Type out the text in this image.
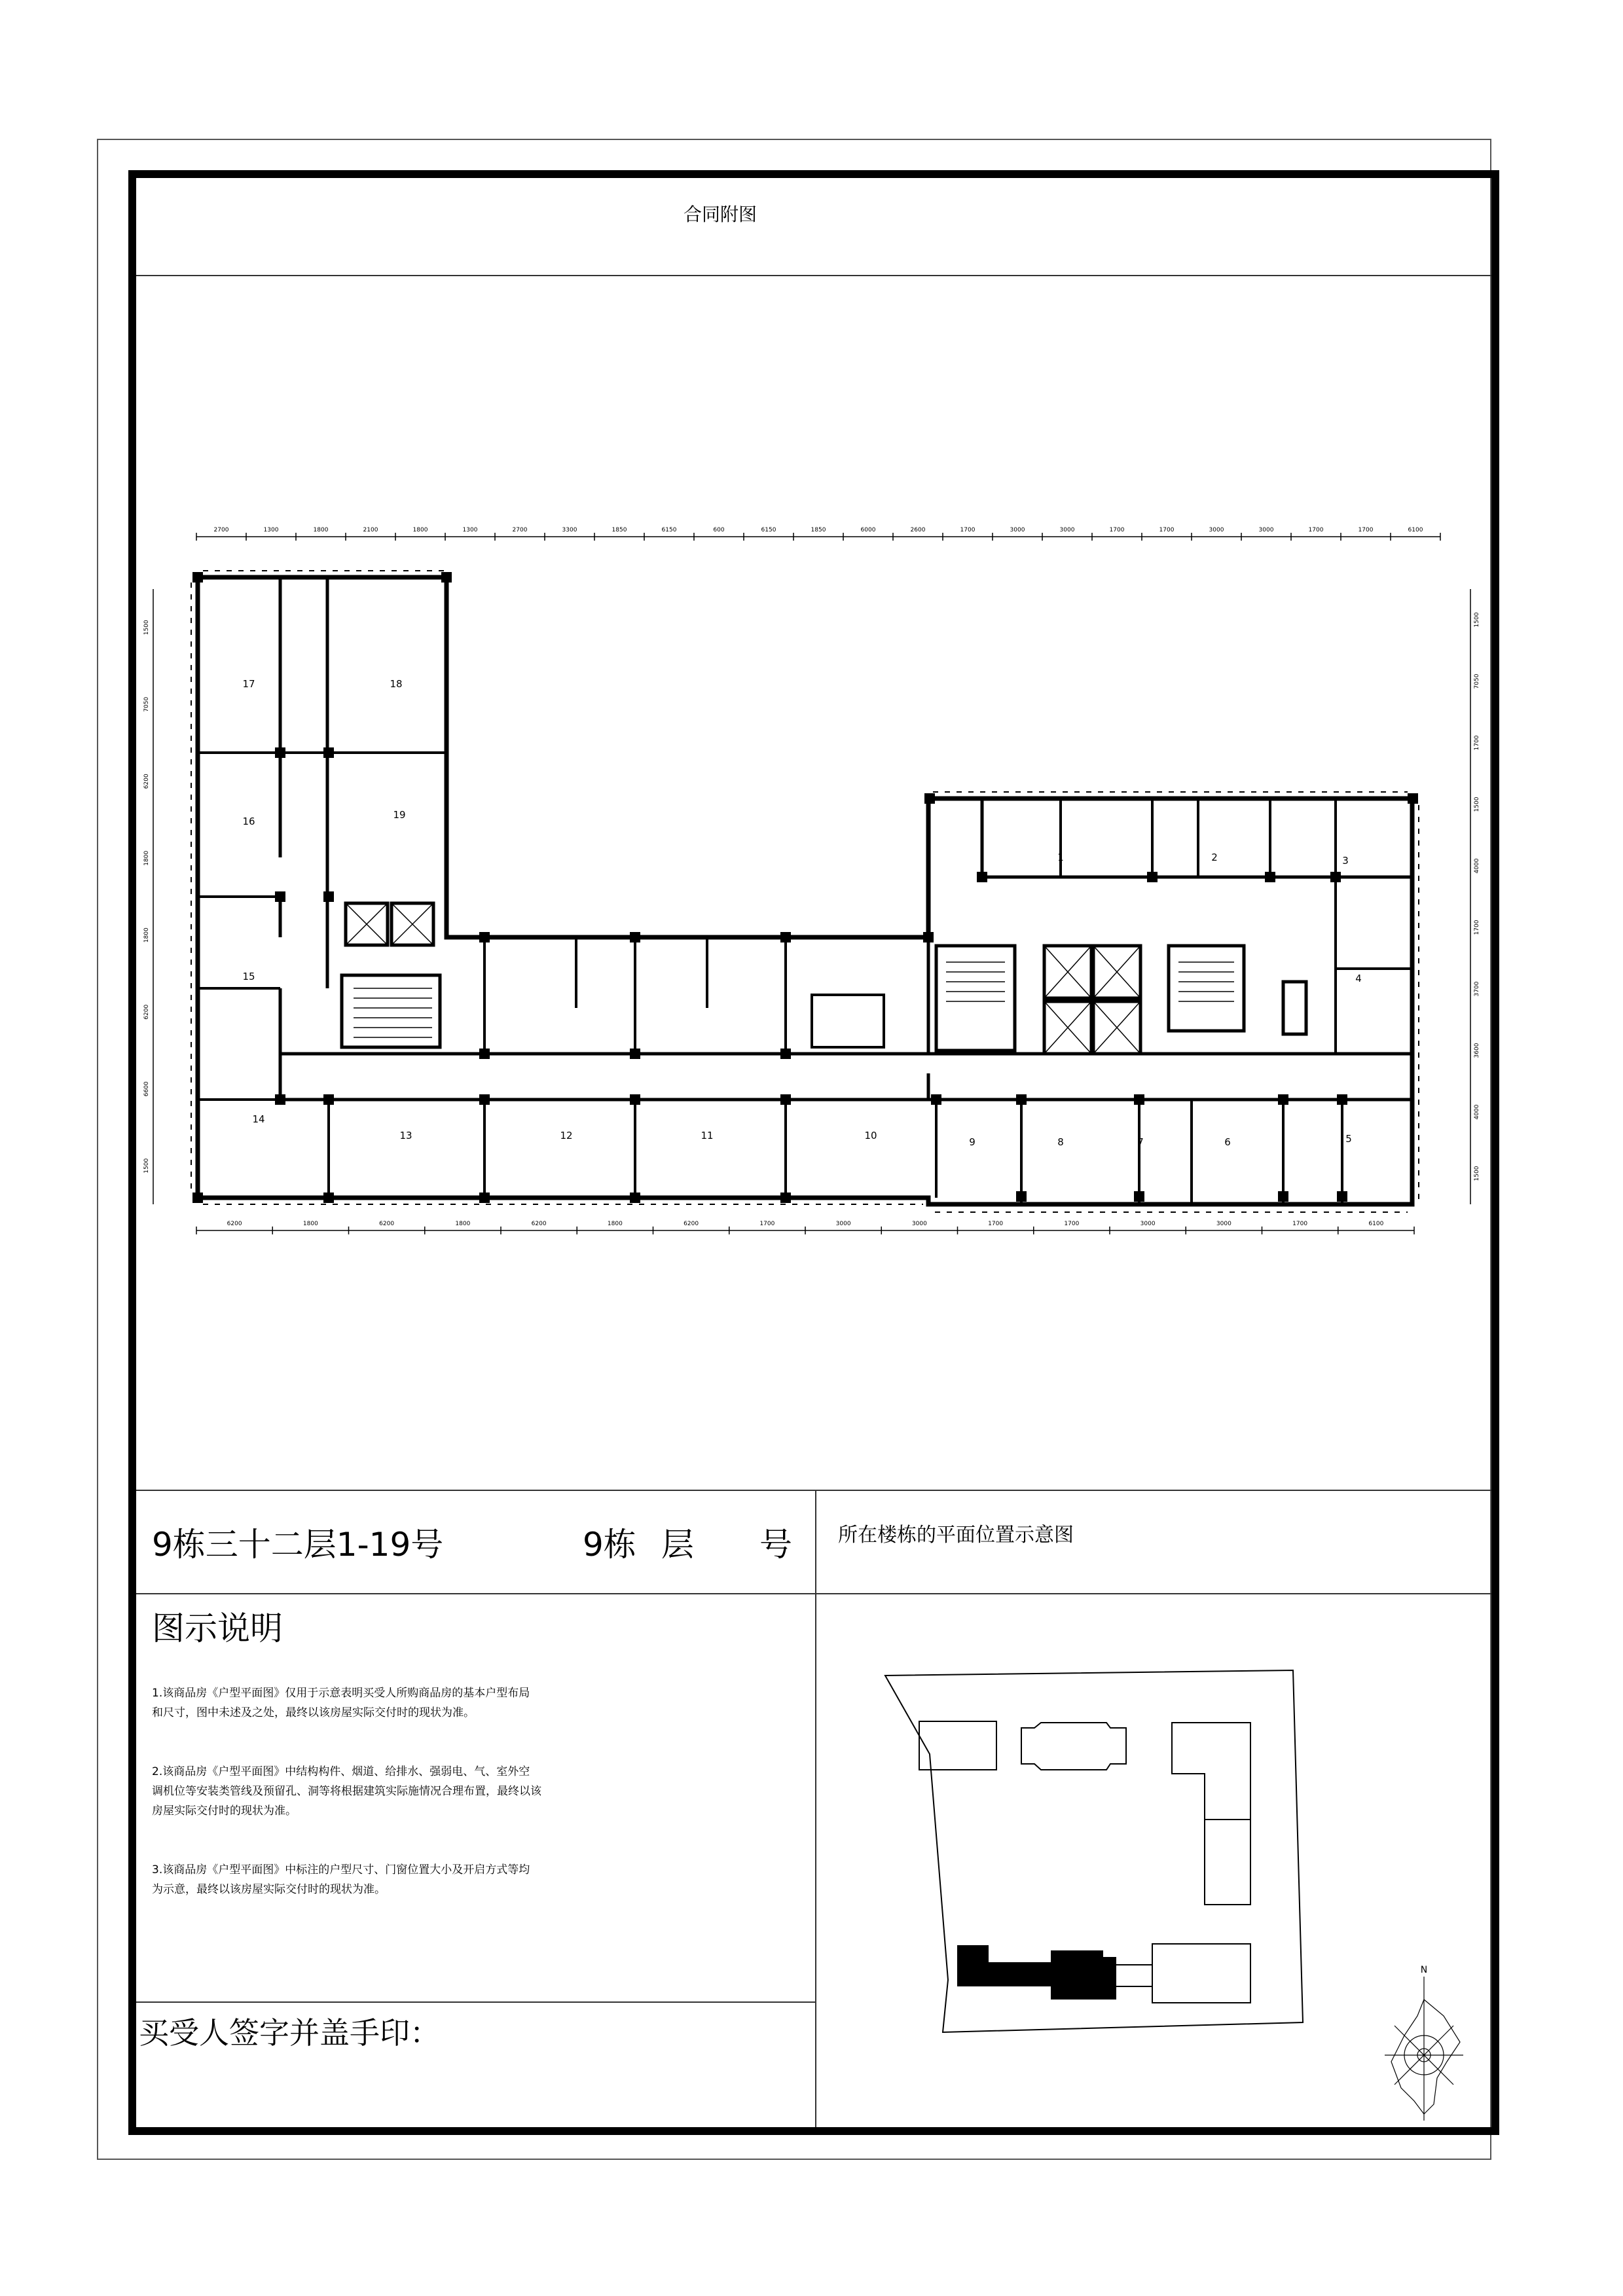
合同附图
2700	1300	1800	2100	1800	1300	2700	3300	1850	6150	600	6150	1850	6000	2600	1700	3000	3000	1700	1700	3000	3000	1700	1700	6100
6200	1800	6200	1800	6200	1800	6200	1700	3000	3000	1700	1700	3000	3000	1700	6100
1500
7050
6200
1800
1800
6200
6600
1500
1500
7050
1700
1500
4000
1700
3700
3600
4000
1500
17	18
16
19
15
14
13	12	11	10
9	8	7	6	5
4
3
2
1
9栋三十二层1-19号	9栋 层 号 所在楼栋的平面位置示意图
图示说明

1.该商品房《户型平面图》仅用于示意表明买受人所购商品房的基本户型布局
和尺寸，图中未述及之处，最终以该房屋实际交付时的现状为准。

2.该商品房《户型平面图》中结构构件、烟道、给排水、强弱电、气、室外空
调机位等安装类管线及预留孔、洞等将根据建筑实际施情况合理布置，最终以该
房屋实际交付时的现状为准。

3.该商品房《户型平面图》中标注的户型尺寸、门窗位置大小及开启方式等均
为示意，最终以该房屋实际交付时的现状为准。

买受人签字并盖手印：
N
